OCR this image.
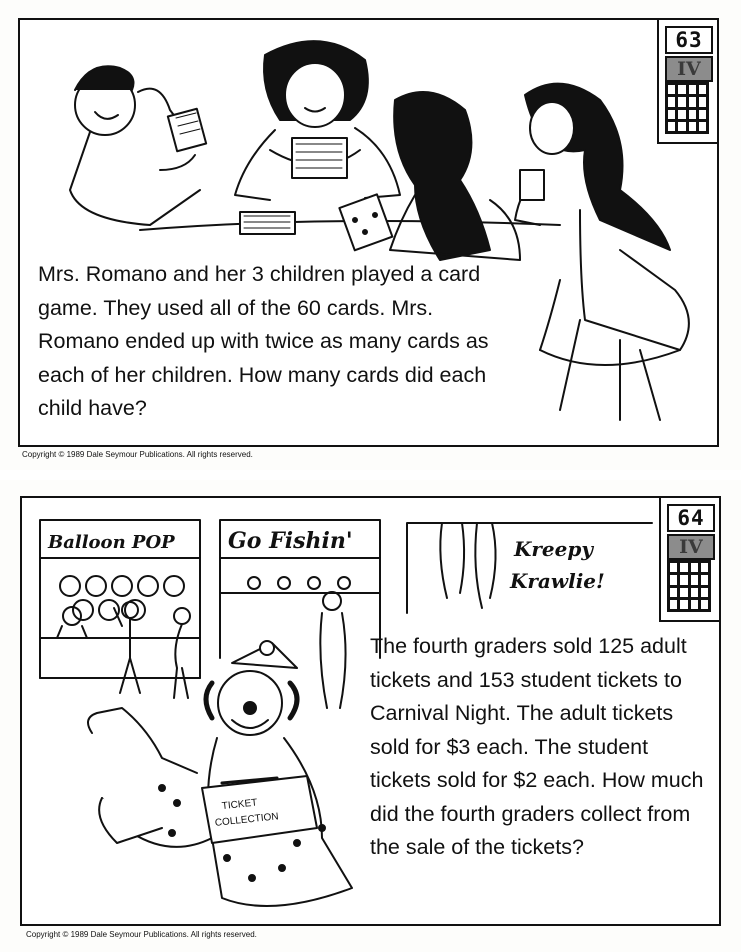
Mrs. Romano and her 3 children played a card game. They used all of the 60 cards. Mrs. Romano ended up with twice as many cards as each of her children. How many cards did each child have?
63
IV
Copyright © 1989 Dale Seymour Publications. All rights reserved.
Balloon POP Go Fishin'	Kreepy
Krawlie!
TICKET
COLLECTION
The fourth graders sold 125 adult tickets and 153 student tickets to Carnival Night. The adult tickets sold for $3 each. The student tickets sold for $2 each. How much did the fourth graders collect from the sale of the tickets?
64
IV
Copyright © 1989 Dale Seymour Publications. All rights reserved.
